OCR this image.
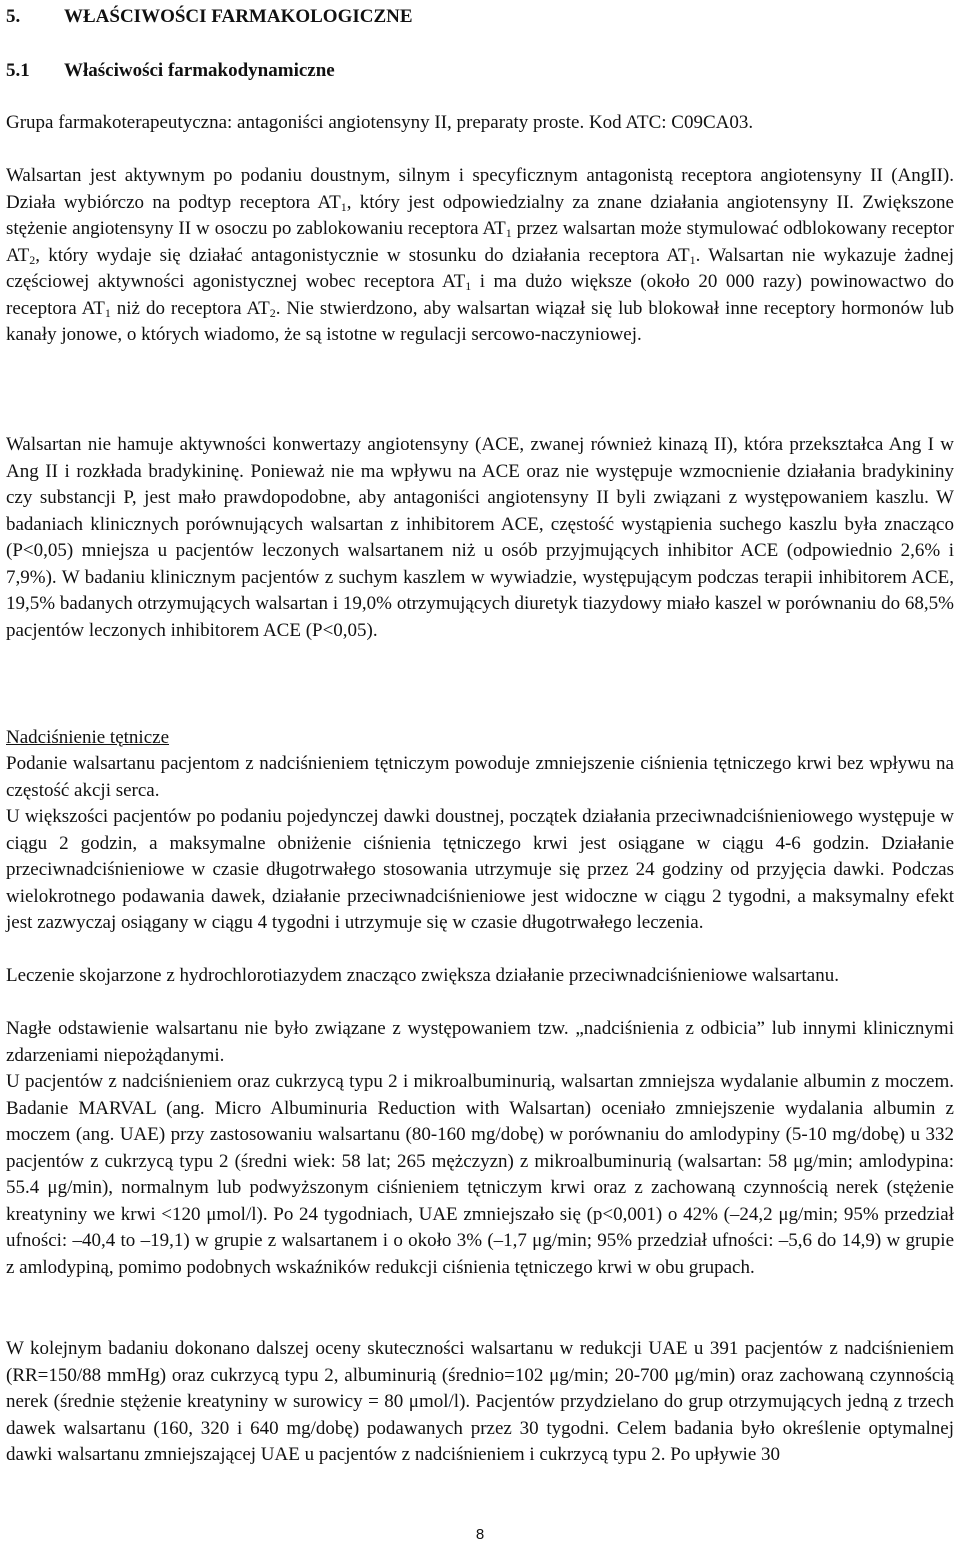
5. WŁAŚCIWOŚCI FARMAKOLOGICZNE
5.1 Właściwości farmakodynamiczne

Grupa farmakoterapeutyczna: antagoniści angiotensyny II, preparaty proste. Kod ATC: C09CA03.

Walsartan jest aktywnym po podaniu doustnym, silnym i specyficznym antagonistą receptora angiotensyny II (AngII). Działa wybiórczo na podtyp receptora $AT_1$, który jest odpowiedzialny za znane działania angiotensyny II. Zwiększone stężenie angiotensyny II w osoczu po zablokowaniu receptora $AT_1$ przez walsartan może stymulować odblokowany receptor $AT_2$, który wydaje się działać antagonistycznie w stosunku do działania receptora $AT_1$. Walsartan nie wykazuje żadnej częściowej aktywności agonistycznej wobec receptora $AT_1$ i ma dużo większe (około 20 000 razy) powinowactwo do receptora $AT_1$ niż do receptora $AT_2$. Nie stwierdzono, aby walsartan wiązał się lub blokował inne receptory hormonów lub kanały jonowe, o których wiadomo, że są istotne w regulacji sercowo-naczyniowej.

Walsartan nie hamuje aktywności konwertazy angiotensyny (ACE, zwanej również kinazą II), która przekształca Ang I w Ang II i rozkłada bradykininę. Ponieważ nie ma wpływu na ACE oraz nie występuje wzmocnienie działania bradykininy czy substancji P, jest mało prawdopodobne, aby antagoniści angiotensyny II byli związani z występowaniem kaszlu. W badaniach klinicznych porównujących walsartan z inhibitorem ACE, częstość wystąpienia suchego kaszlu była znacząco (P<0,05) mniejsza u pacjentów leczonych walsartanem niż u osób przyjmujących inhibitor ACE (odpowiednio 2,6% i 7,9%). W badaniu klinicznym pacjentów z suchym kaszlem w wywiadzie, występującym podczas terapii inhibitorem ACE, 19,5% badanych otrzymujących walsartan i 19,0% otrzymujących diuretyk tiazydowy miało kaszel w porównaniu do 68,5% pacjentów leczonych inhibitorem ACE (P<0,05).

Nadciśnienie tętnicze

Podanie walsartanu pacjentom z nadciśnieniem tętniczym powoduje zmniejszenie ciśnienia tętniczego krwi bez wpływu na częstość akcji serca.

U większości pacjentów po podaniu pojedynczej dawki doustnej, początek działania przeciwnadciśnieniowego występuje w ciągu 2 godzin, a maksymalne obniżenie ciśnienia tętniczego krwi jest osiągane w ciągu 4-6 godzin. Działanie przeciwnadciśnieniowe w czasie długotrwałego stosowania utrzymuje się przez 24 godziny od przyjęcia dawki. Podczas wielokrotnego podawania dawek, działanie przeciwnadciśnieniowe jest widoczne w ciągu 2 tygodni, a maksymalny efekt jest zazwyczaj osiągany w ciągu 4 tygodni i utrzymuje się w czasie długotrwałego leczenia.

Leczenie skojarzone z hydrochlorotiazydem znacząco zwiększa działanie przeciwnadciśnieniowe walsartanu.

Nagłe odstawienie walsartanu nie było związane z występowaniem tzw. „nadciśnienia z odbicia” lub innymi klinicznymi zdarzeniami niepożądanymi.

U pacjentów z nadciśnieniem oraz cukrzycą typu 2 i mikroalbuminurią, walsartan zmniejsza wydalanie albumin z moczem. Badanie MARVAL (ang. Micro Albuminuria Reduction with Walsartan) oceniało zmniejszenie wydalania albumin z moczem (ang. UAE) przy zastosowaniu walsartanu (80-160 mg/dobę) w porównaniu do amlodypiny (5-10 mg/dobę) u 332 pacjentów z cukrzycą typu 2 (średni wiek: 58 lat; 265 mężczyzn) z mikroalbuminurią (walsartan: 58 μg/min; amlodypina: 55.4 μg/min), normalnym lub podwyższonym ciśnieniem tętniczym krwi oraz z zachowaną czynnością nerek (stężenie kreatyniny we krwi <120 μmol/l). Po 24 tygodniach, UAE zmniejszało się (p<0,001) o 42% (–24,2 μg/min; 95% przedział ufności: –40,4 to –19,1) w grupie z walsartanem i o około 3% (–1,7 μg/min; 95% przedział ufności: –5,6 do 14,9) w grupie z amlodypiną, pomimo podobnych wskaźników redukcji ciśnienia tętniczego krwi w obu grupach.

W kolejnym badaniu dokonano dalszej oceny skuteczności walsartanu w redukcji UAE u 391 pacjentów z nadciśnieniem (RR=150/88 mmHg) oraz cukrzycą typu 2, albuminurią (średnio=102 μg/min; 20-700 μg/min) oraz zachowaną czynnością nerek (średnie stężenie kreatyniny w surowicy = 80 μmol/l). Pacjentów przydzielano do grup otrzymujących jedną z trzech dawek walsartanu (160, 320 i 640 mg/dobę) podawanych przez 30 tygodni. Celem badania było określenie optymalnej dawki walsartanu zmniejszającej UAE u pacjentów z nadciśnieniem i cukrzycą typu 2. Po upływie 30

8
